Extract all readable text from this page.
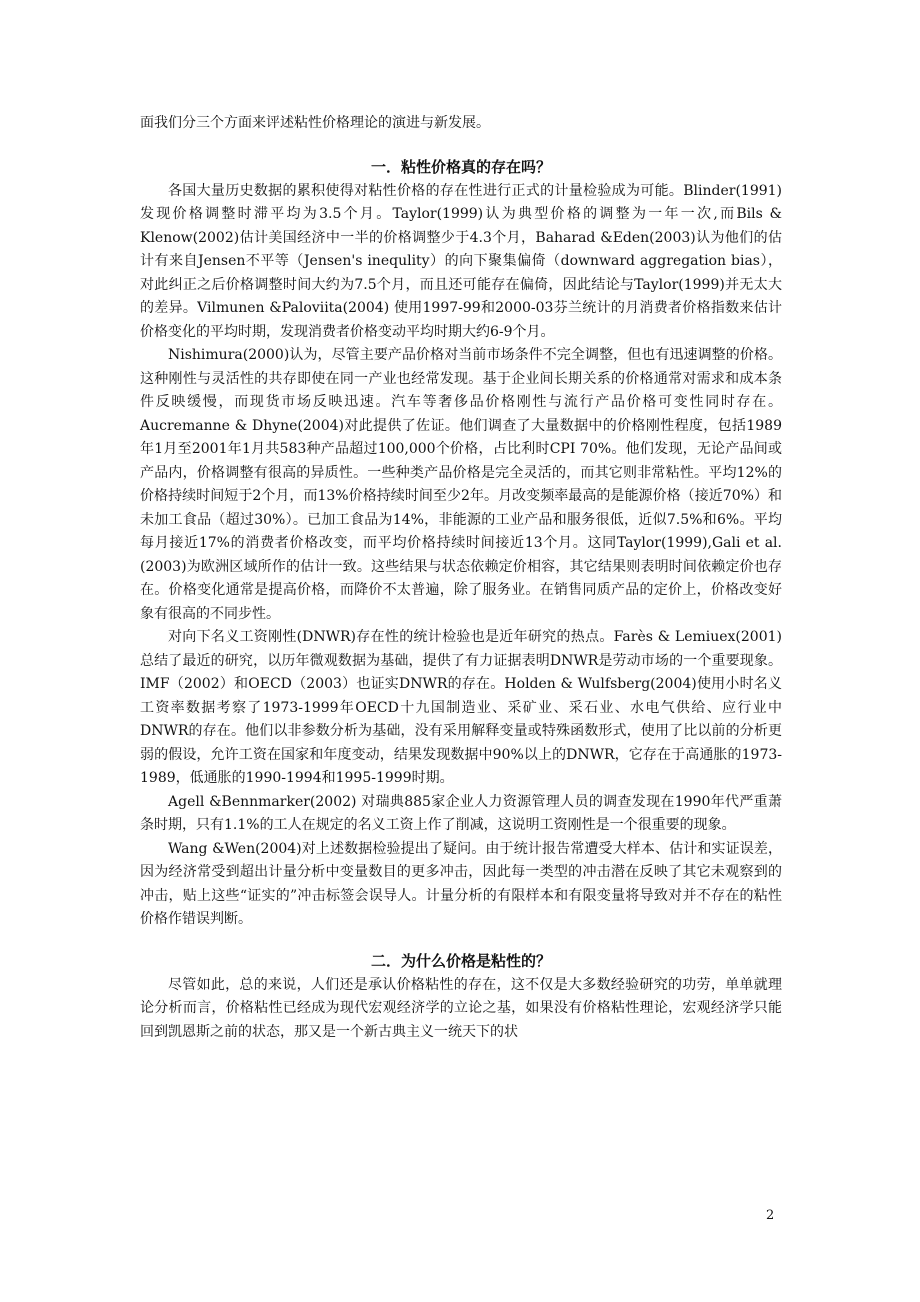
面我们分三个方面来评述粘性价格理论的演进与新发展。

一．粘性价格真的存在吗？

各国大量历史数据的累积使得对粘性价格的存在性进行正式的计量检验成为可能。Blinder(1991)发现价格调整时滞平均为3.5个月。Taylor(1999)认为典型价格的调整为一年一次,而Bils & Klenow(2002)估计美国经济中一半的价格调整少于4.3个月，Baharad &Eden(2003)认为他们的估计有来自Jensen不平等（Jensen's inequlity）的向下聚集偏倚（downward aggregation bias），对此纠正之后价格调整时间大约为7.5个月，而且还可能存在偏倚，因此结论与Taylor(1999)并无太大的差异。Vilmunen &Paloviita(2004) 使用1997-99和2000-03芬兰统计的月消费者价格指数来估计价格变化的平均时期，发现消费者价格变动平均时期大约6-9个月。

Nishimura(2000)认为，尽管主要产品价格对当前市场条件不完全调整，但也有迅速调整的价格。这种刚性与灵活性的共存即使在同一产业也经常发现。基于企业间长期关系的价格通常对需求和成本条件反映缓慢，而现货市场反映迅速。汽车等奢侈品价格刚性与流行产品价格可变性同时存在。Aucremanne & Dhyne(2004)对此提供了佐证。他们调查了大量数据中的价格刚性程度，包括1989年1月至2001年1月共583种产品超过100,000个价格，占比利时CPI 70%。他们发现，无论产品间或产品内，价格调整有很高的异质性。一些种类产品价格是完全灵活的，而其它则非常粘性。平均12%的价格持续时间短于2个月，而13%价格持续时间至少2年。月改变频率最高的是能源价格（接近70%）和未加工食品（超过30%）。已加工食品为14%，非能源的工业产品和服务很低，近似7.5%和6%。平均每月接近17%的消费者价格改变，而平均价格持续时间接近13个月。这同Taylor(1999),Gali et al.(2003)为欧洲区域所作的估计一致。这些结果与状态依赖定价相容，其它结果则表明时间依赖定价也存在。价格变化通常是提高价格，而降价不太普遍，除了服务业。在销售同质产品的定价上，价格改变好象有很高的不同步性。

对向下名义工资刚性(DNWR)存在性的统计检验也是近年研究的热点。Farès & Lemiuex(2001)总结了最近的研究，以历年微观数据为基础，提供了有力证据表明DNWR是劳动市场的一个重要现象。IMF（2002）和OECD（2003）也证实DNWR的存在。Holden & Wulfsberg(2004)使用小时名义工资率数据考察了1973-1999年OECD十九国制造业、采矿业、采石业、水电气供给、应行业中DNWR的存在。他们以非参数分析为基础，没有采用解释变量或特殊函数形式，使用了比以前的分析更弱的假设，允许工资在国家和年度变动，结果发现数据中90%以上的DNWR，它存在于高通胀的1973-1989，低通胀的1990-1994和1995-1999时期。

Agell &Bennmarker(2002) 对瑞典885家企业人力资源管理人员的调查发现在1990年代严重萧条时期，只有1.1%的工人在规定的名义工资上作了削减，这说明工资刚性是一个很重要的现象。

Wang &Wen(2004)对上述数据检验提出了疑问。由于统计报告常遭受大样本、估计和实证误差，因为经济常受到超出计量分析中变量数目的更多冲击，因此每一类型的冲击潜在反映了其它未观察到的冲击，贴上这些“证实的”冲击标签会误导人。计量分析的有限样本和有限变量将导致对并不存在的粘性价格作错误判断。

二．为什么价格是粘性的？

尽管如此，总的来说，人们还是承认价格粘性的存在，这不仅是大多数经验研究的功劳，单单就理论分析而言，价格粘性已经成为现代宏观经济学的立论之基，如果没有价格粘性理论，宏观经济学只能回到凯恩斯之前的状态，那又是一个新古典主义一统天下的状

2
